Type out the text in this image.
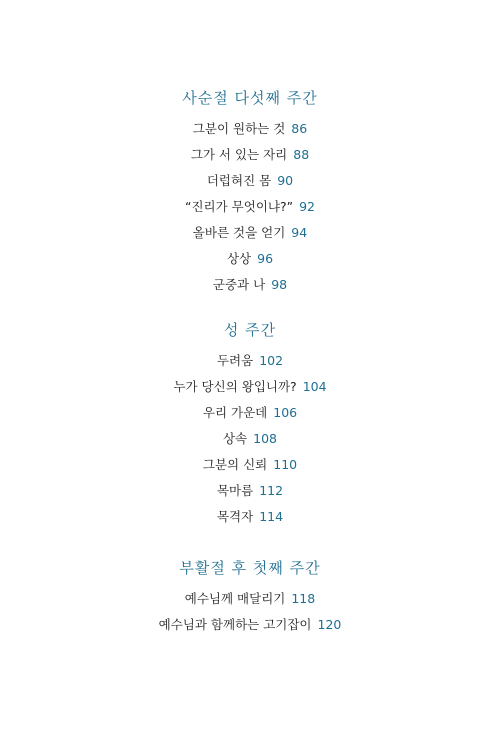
사순절 다섯째 주간
그분이 원하는 것 86
그가 서 있는 자리 88
더럽혀진 몸 90
“진리가 무엇이냐?” 92
올바른 것을 얻기 94
상상 96
군중과 나 98
성 주간
두려움 102
누가 당신의 왕입니까? 104
우리 가운데 106
상속 108
그분의 신뢰 110
목마름 112
목격자 114
부활절 후 첫째 주간
예수님께 매달리기 118
예수님과 함께하는 고기잡이 120
